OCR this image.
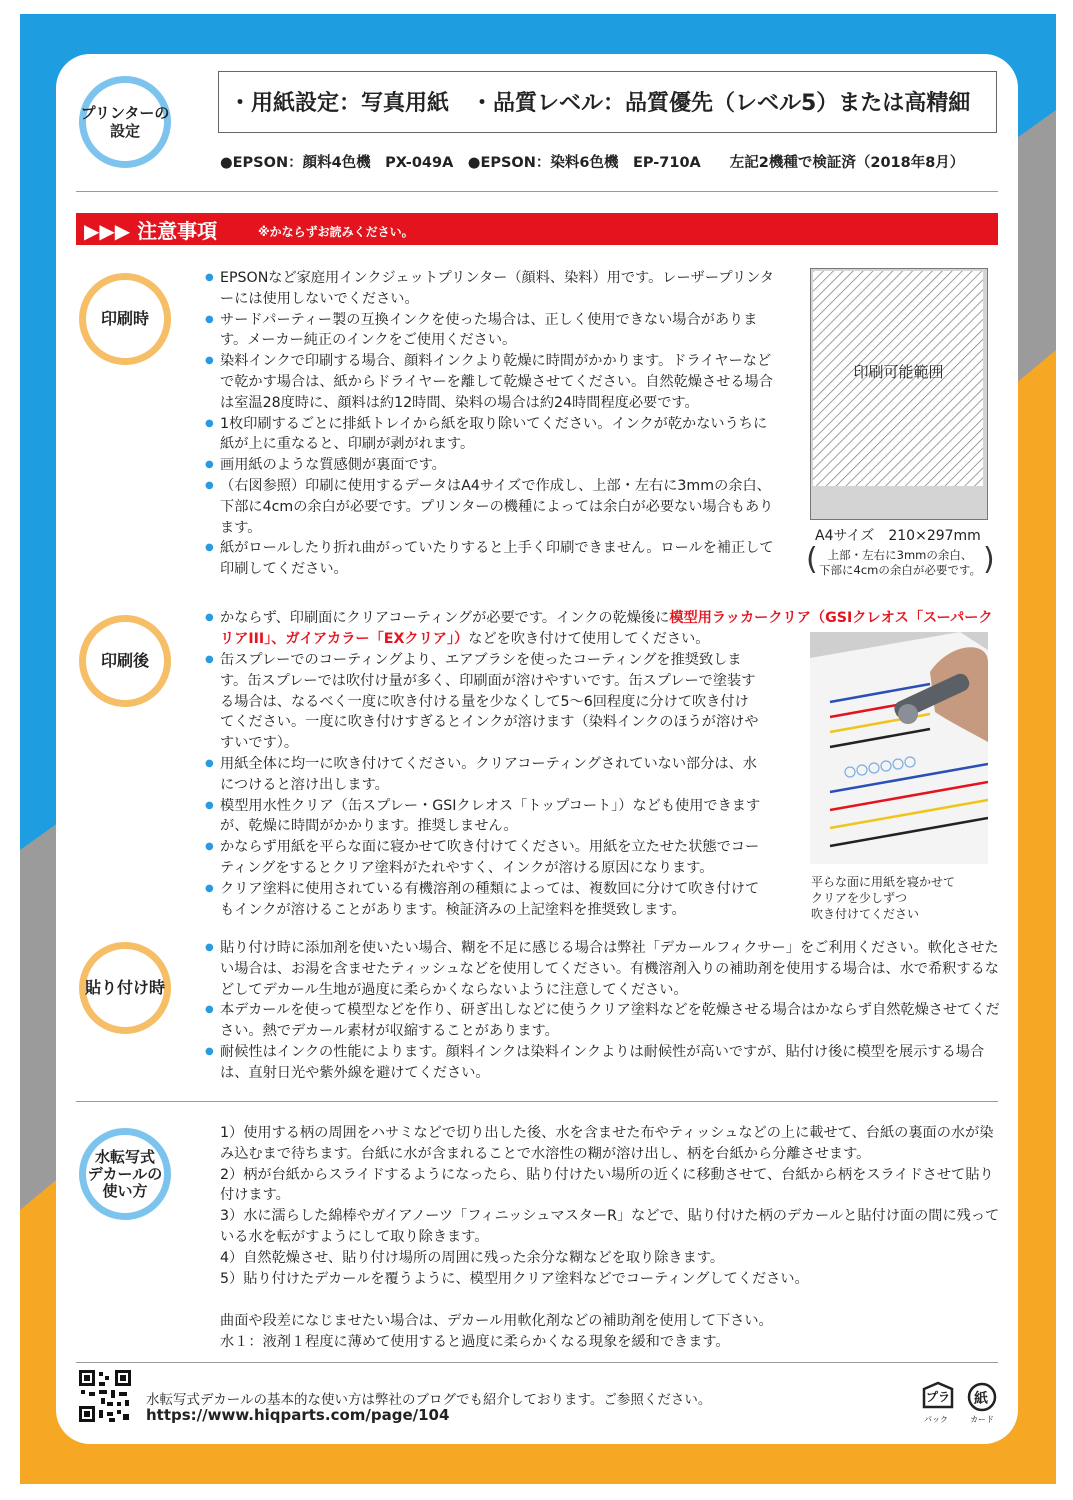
プリンターの
設定
・用紙設定：写真用紙　・品質レベル：品質優先（レベル5）または高精細
●EPSON：顔料4色機　PX-049A　●EPSON：染料6色機　EP-710A　　左記2機種で検証済（2018年8月）
▶▶▶ 注意事項	※かならずお読みください。
印刷時
● EPSONなど家庭用インクジェットプリンター（顔料、染料）用です。レーザープリンターには使用しないでください。
● サードパーティー製の互換インクを使った場合は、正しく使用できない場合があります。メーカー純正のインクをご使用ください。
● 染料インクで印刷する場合、顔料インクより乾燥に時間がかかります。ドライヤーなどで乾かす場合は、紙からドライヤーを離して乾燥させてください。自然乾燥させる場合は室温28度時に、顔料は約12時間、染料の場合は約24時間程度必要です。
● 1枚印刷するごとに排紙トレイから紙を取り除いてください。インクが乾かないうちに紙が上に重なると、印刷が剥がれます。
● 画用紙のような質感側が裏面です。
● （右図参照）印刷に使用するデータはA4サイズで作成し、上部・左右に3mmの余白、下部に4cmの余白が必要です。プリンターの機種によっては余白が必要ない場合もあります。
● 紙がロールしたり折れ曲がっていたりすると上手く印刷できません。ロールを補正して印刷してください。
印刷可能範囲
A4サイズ　210×297mm
( 上部・左右に3mmの余白、
下部に4cmの余白が必要です。 )
印刷後
● かならず、印刷面にクリアコーティングが必要です。インクの乾燥後に模型用ラッカークリア（GSIクレオス「スーパークリアIII」、ガイアカラー「EXクリア」）などを吹き付けて使用してください。
● 缶スプレーでのコーティングより、エアブラシを使ったコーティングを推奨致します。缶スプレーでは吹付け量が多く、印刷面が溶けやすいです。缶スプレーで塗装する場合は、なるべく一度に吹き付ける量を少なくして5～6回程度に分けて吹き付けてください。一度に吹き付けすぎるとインクが溶けます（染料インクのほうが溶けやすいです）。
● 用紙全体に均一に吹き付けてください。クリアコーティングされていない部分は、水につけると溶け出します。
● 模型用水性クリア（缶スプレー・GSIクレオス「トップコート」）なども使用できますが、乾燥に時間がかかります。推奨しません。
● かならず用紙を平らな面に寝かせて吹き付けてください。用紙を立たせた状態でコーティングをするとクリア塗料がたれやすく、インクが溶ける原因になります。
● クリア塗料に使用されている有機溶剤の種類によっては、複数回に分けて吹き付けてもインクが溶けることがあります。検証済みの上記塗料を推奨致します。
平らな面に用紙を寝かせて
クリアを少しずつ
吹き付けてください
貼り付け時
● 貼り付け時に添加剤を使いたい場合、糊を不足に感じる場合は弊社「デカールフィクサー」をご利用ください。軟化させたい場合は、お湯を含ませたティッシュなどを使用してください。有機溶剤入りの補助剤を使用する場合は、水で希釈するなどしてデカール生地が過度に柔らかくならないように注意してください。
● 本デカールを使って模型などを作り、研ぎ出しなどに使うクリア塗料などを乾燥させる場合はかならず自然乾燥させてください。熱でデカール素材が収縮することがあります。
● 耐候性はインクの性能によります。顔料インクは染料インクよりは耐候性が高いですが、貼付け後に模型を展示する場合は、直射日光や紫外線を避けてください。
水転写式
デカールの
使い方
1）使用する柄の周囲をハサミなどで切り出した後、水を含ませた布やティッシュなどの上に載せて、台紙の裏面の水が染み込むまで待ちます。台紙に水が含まれることで水溶性の糊が溶け出し、柄を台紙から分離させます。
2）柄が台紙からスライドするようになったら、貼り付けたい場所の近くに移動させて、台紙から柄をスライドさせて貼り付けます。
3）水に濡らした綿棒やガイアノーツ「フィニッシュマスターR」などで、貼り付けた柄のデカールと貼付け面の間に残っている水を転がすようにして取り除きます。
4）自然乾燥させ、貼り付け場所の周囲に残った余分な糊などを取り除きます。
5）貼り付けたデカールを覆うように、模型用クリア塗料などでコーティングしてください。
曲面や段差になじませたい場合は、デカール用軟化剤などの補助剤を使用して下さい。
水１：液剤１程度に薄めて使用すると過度に柔らかくなる現象を緩和できます。
水転写式デカールの基本的な使い方は弊社のブログでも紹介しております。ご参照ください。
https://www.hiqparts.com/page/104
プラ
パック
紙
カード
